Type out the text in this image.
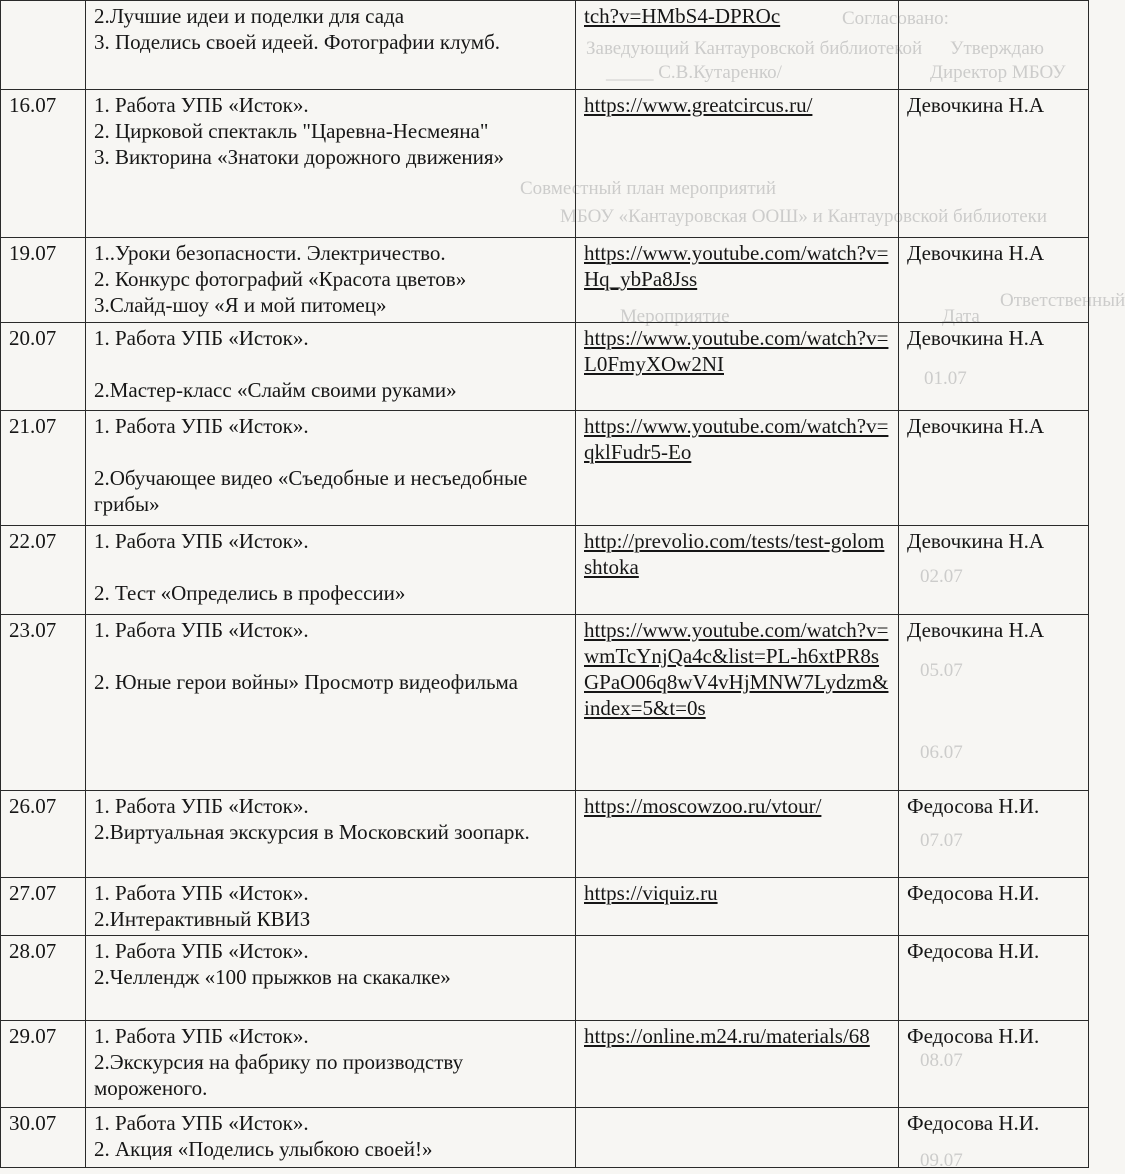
Согласовано:
Заведующий Кантауровской библиотекой
_____ С.В.Кутаренко/
Утверждаю
Директор МБОУ
Совместный план мероприятий
МБОУ «Кантауровская ООШ» и Кантауровской библиотеки
Дата
Мероприятие
Ответственный
01.07
02.07
05.07
06.07
07.07
08.07
09.07

	2.Лучшие идеи и поделки для сада
3. Поделись своей идеей. Фотографии клумб.	tch?v=HMbS4-DPROc	
16.07	1. Работа УПБ «Исток».
2. Цирковой спектакль "Царевна-Несмеяна"
3. Викторина «Знатоки дорожного движения»	https://www.greatcircus.ru/	Девочкина Н.А
19.07	1..Уроки безопасности. Электричество.
2. Конкурс фотографий «Красота цветов»
3.Слайд-шоу «Я и мой питомец»	https://www.youtube.com/watch?v=Hq_ybPa8Jss	Девочкина Н.А
20.07	1. Работа УПБ «Исток».
2.Мастер-класс «Слайм своими руками»	https://www.youtube.com/watch?v=L0FmyXOw2NI	Девочкина Н.А
21.07	1. Работа УПБ «Исток».
2.Обучающее видео «Съедобные и несъедобные грибы»	https://www.youtube.com/watch?v=qklFudr5-Eo	Девочкина Н.А
22.07	1. Работа УПБ «Исток».
2. Тест «Определись в профессии»	http://prevolio.com/tests/test-golomshtoka	Девочкина Н.А
23.07	1. Работа УПБ «Исток».
2. Юные герои войны» Просмотр видеофильма	https://www.youtube.com/watch?v=wmTcYnjQa4c&list=PL-h6xtPR8sGPaO06q8wV4vHjMNW7Lydzm&index=5&t=0s	Девочкина Н.А
26.07	1. Работа УПБ «Исток».
2.Виртуальная экскурсия в Московский зоопарк.	https://moscowzoo.ru/vtour/	Федосова Н.И.
27.07	1. Работа УПБ «Исток».
2.Интерактивный КВИЗ	https://viquiz.ru	Федосова Н.И.
28.07	1. Работа УПБ «Исток».
2.Челлендж «100 прыжков на скакалке»		Федосова Н.И.
29.07	1. Работа УПБ «Исток».
2.Экскурсия на фабрику по производству мороженого.	https://online.m24.ru/materials/68	Федосова Н.И.
30.07	1. Работа УПБ «Исток».
2. Акция «Поделись улыбкою своей!»		Федосова Н.И.
